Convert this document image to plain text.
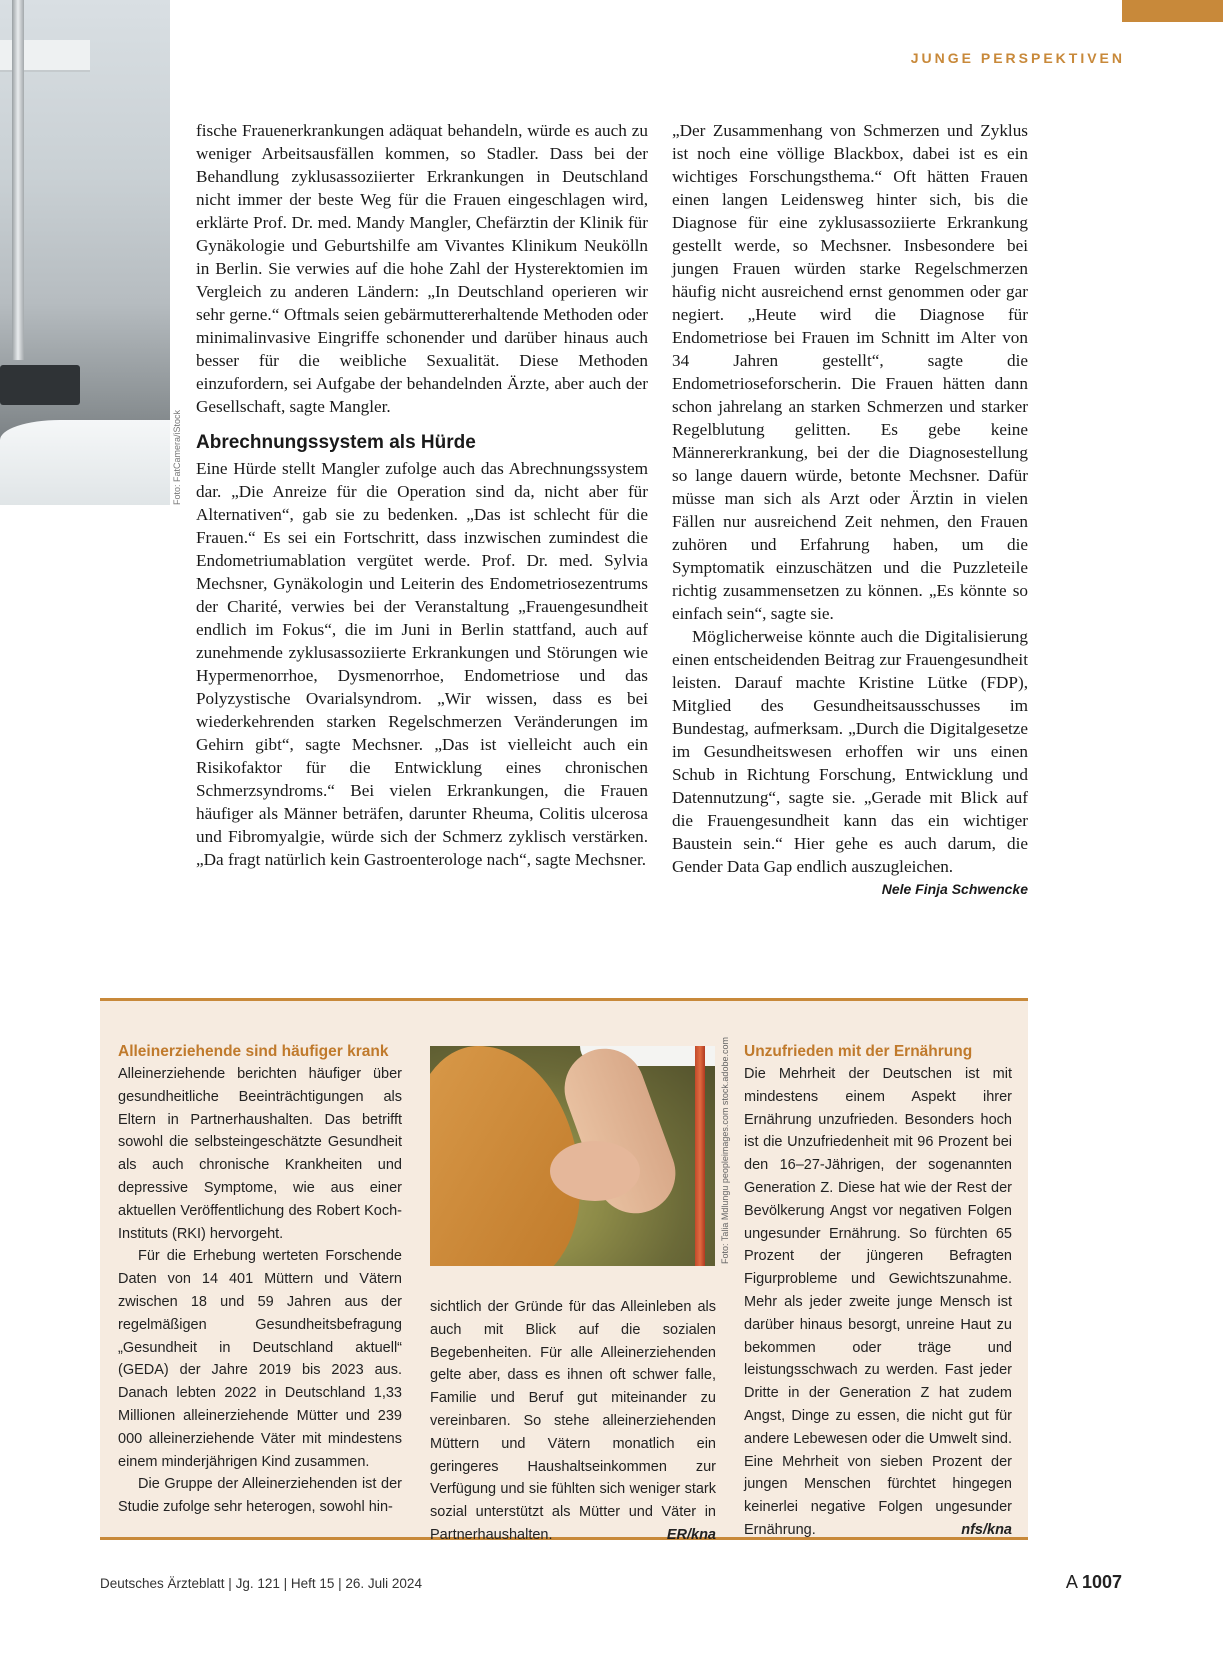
Foto: FatCamera/iStock
JUNGE PERSPEKTIVEN

fische Frauenerkrankungen adäquat behandeln, würde es auch zu weniger Arbeitsausfällen kommen, so Stadler. Dass bei der Behandlung zyklusassoziierter Erkrankungen in Deutschland nicht immer der beste Weg für die Frauen eingeschlagen wird, erklärte Prof. Dr. med. Mandy Mangler, Chefärztin der Klinik für Gynäkologie und Geburtshilfe am Vivantes Klinikum Neukölln in Berlin. Sie verwies auf die hohe Zahl der Hysterektomien im Vergleich zu anderen Ländern: „In Deutschland operieren wir sehr gerne.“ Oftmals seien gebärmuttererhaltende Methoden oder minimalinvasive Eingriffe schonender und darüber hinaus auch besser für die weibliche Sexualität. Diese Methoden einzufordern, sei Aufgabe der behandelnden Ärzte, aber auch der Gesellschaft, sagte Mangler.

Abrechnungssystem als Hürde

Eine Hürde stellt Mangler zufolge auch das Abrechnungssystem dar. „Die Anreize für die Operation sind da, nicht aber für Alternativen“, gab sie zu bedenken. „Das ist schlecht für die Frauen.“ Es sei ein Fortschritt, dass inzwischen zumindest die Endometriumablation vergütet werde. Prof. Dr. med. Sylvia Mechsner, Gynäkologin und Leiterin des Endometriosezentrums der Charité, verwies bei der Veranstaltung „Frauengesundheit endlich im Fokus“, die im Juni in Berlin stattfand, auch auf zunehmende zyklusassoziierte Erkrankungen und Störungen wie Hypermenorrhoe, Dysmenorrhoe, Endometriose und das Polyzystische Ovarialsyndrom. „Wir wissen, dass es bei wiederkehrenden starken Regelschmerzen Veränderungen im Gehirn gibt“, sagte Mechsner. „Das ist vielleicht auch ein Risikofaktor für die Entwicklung eines chronischen Schmerzsyndroms.“ Bei vielen Erkrankungen, die Frauen häufiger als Männer beträfen, darunter Rheuma, Colitis ulcerosa und Fibromyalgie, würde sich der Schmerz zyklisch verstärken. „Da fragt natürlich kein Gastroenterologe nach“, sagte Mechsner.

„Der Zusammenhang von Schmerzen und Zyklus ist noch eine völlige Blackbox, dabei ist es ein wichtiges Forschungsthema.“ Oft hätten Frauen einen langen Leidensweg hinter sich, bis die Diagnose für eine zyklusassoziierte Erkrankung gestellt werde, so Mechsner. Insbesondere bei jungen Frauen würden starke Regelschmerzen häufig nicht ausreichend ernst genommen oder gar negiert. „Heute wird die Diagnose für Endometriose bei Frauen im Schnitt im Alter von 34 Jahren gestellt“, sagte die Endometrioseforscherin. Die Frauen hätten dann schon jahrelang an starken Schmerzen und starker Regelblutung gelitten. Es gebe keine Männererkrankung, bei der die Diagnosestellung so lange dauern würde, betonte Mechsner. Dafür müsse man sich als Arzt oder Ärztin in vielen Fällen nur ausreichend Zeit nehmen, den Frauen zuhören und Erfahrung haben, um die Symptomatik einzuschätzen und die Puzzleteile richtig zusammensetzen zu können. „Es könnte so einfach sein“, sagte sie.

Möglicherweise könnte auch die Digitalisierung einen entscheidenden Beitrag zur Frauengesundheit leisten. Darauf machte Kristine Lütke (FDP), Mitglied des Gesundheitsausschusses im Bundestag, aufmerksam. „Durch die Digitalgesetze im Gesundheitswesen erhoffen wir uns einen Schub in Richtung Forschung, Entwicklung und Datennutzung“, sagte sie. „Gerade mit Blick auf die Frauengesundheit kann das ein wichtiger Baustein sein.“ Hier gehe es auch darum, die Gender Data Gap endlich auszugleichen.
Nele Finja Schwencke

Alleinerziehende sind häufiger krank

Alleinerziehende berichten häufiger über gesundheitliche Beeinträchtigungen als Eltern in Partnerhaushalten. Das betrifft sowohl die selbsteingeschätzte Gesundheit als auch chronische Krankheiten und depressive Symptome, wie aus einer aktuellen Veröffentlichung des Robert Koch-Instituts (RKI) hervorgeht.

Für die Erhebung werteten Forschende Daten von 14 401 Müttern und Vätern zwischen 18 und 59 Jahren aus der regelmäßigen Gesundheitsbefragung „Gesundheit in Deutschland aktuell“ (GEDA) der Jahre 2019 bis 2023 aus. Danach lebten 2022 in Deutschland 1,33 Millionen alleinerziehende Mütter und 239 000 alleinerziehende Väter mit mindestens einem minderjährigen Kind zusammen.

Die Gruppe der Alleinerziehenden ist der Studie zufolge sehr heterogen, sowohl hin-

sichtlich der Gründe für das Alleinleben als auch mit Blick auf die sozialen Begebenheiten. Für alle Alleinerziehenden gelte aber, dass es ihnen oft schwer falle, Familie und Beruf gut miteinander zu vereinbaren. So stehe alleinerziehenden Müttern und Vätern monatlich ein geringeres Haushaltseinkommen zur Verfügung und sie fühlten sich weniger stark sozial unterstützt als Mütter und Väter in Partnerhaushalten.	ER/kna

Unzufrieden mit der Ernährung

Die Mehrheit der Deutschen ist mit mindestens einem Aspekt ihrer Ernährung unzufrieden. Besonders hoch ist die Unzufriedenheit mit 96 Prozent bei den 16–27-Jährigen, der sogenannten Generation Z. Diese hat wie der Rest der Bevölkerung Angst vor negativen Folgen ungesunder Ernährung. So fürchten 65 Prozent der jüngeren Befragten Figurprobleme und Gewichtszunahme. Mehr als jeder zweite junge Mensch ist darüber hinaus besorgt, unreine Haut zu bekommen oder träge und leistungsschwach zu werden. Fast jeder Dritte in der Generation Z hat zudem Angst, Dinge zu essen, die nicht gut für andere Lebewesen oder die Umwelt sind. Eine Mehrheit von sieben Prozent der jungen Menschen fürchtet hingegen keinerlei negative Folgen ungesunder Ernährung.	nfs/kna

Foto: Talia Mdlungu peopleimages.com stock.adobe.com
Deutsches Ärzteblatt | Jg. 121 | Heft 15 | 26. Juli 2024	A 1007
